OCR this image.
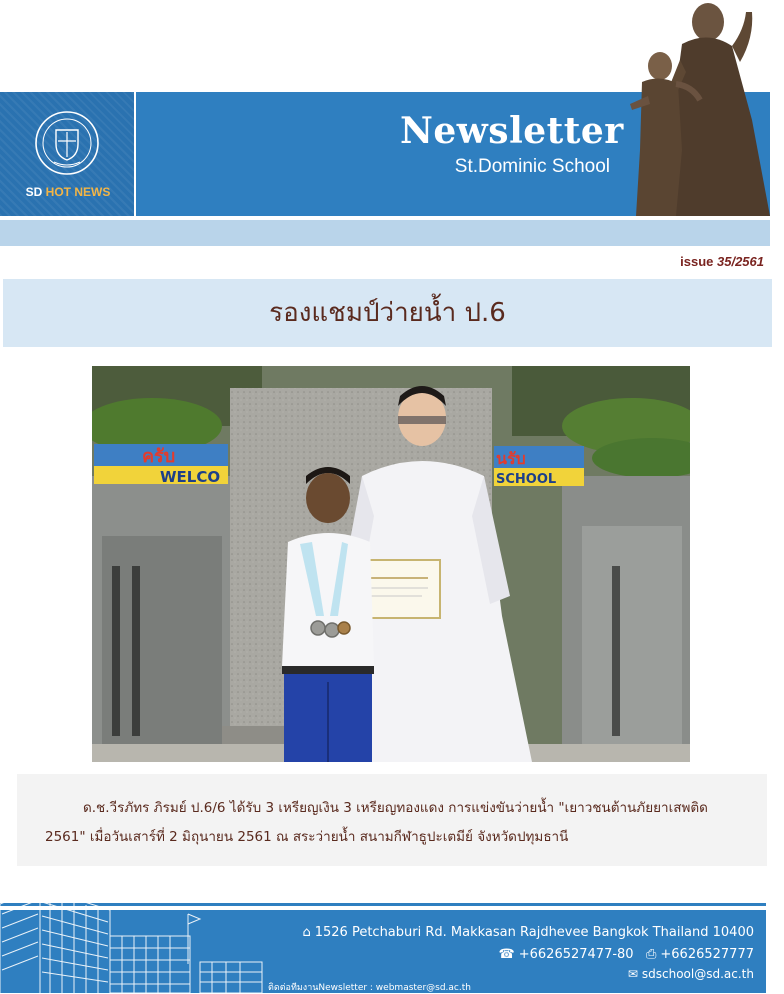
SD HOT NEWS
Newsletter
St.Dominic School
issue 35/2561
รองแชมป์ว่ายน้ำ ป.6
ครับ
WELCO
นรับ
SCHOOL

ด.ช.วีรภัทร ภิรมย์ ป.6/6 ได้รับ 3 เหรียญเงิน 3 เหรียญทองแดง การแข่งขันว่ายน้ำ "เยาวชนต้านภัยยาเสพติด 2561" เมื่อวันเสาร์ที่ 2 มิถุนายน 2561 ณ สระว่ายน้ำ สนามกีฬาธูปะเตมีย์ จังหวัดปทุมธานี

⌂ 1526 Petchaburi Rd. Makkasan Rajdhevee Bangkok Thailand 10400
☎ +6626527477-80 ⎙ +6626527777
✉ sdschool@sd.ac.th
ติดต่อทีมงานNewsletter : webmaster@sd.ac.th
